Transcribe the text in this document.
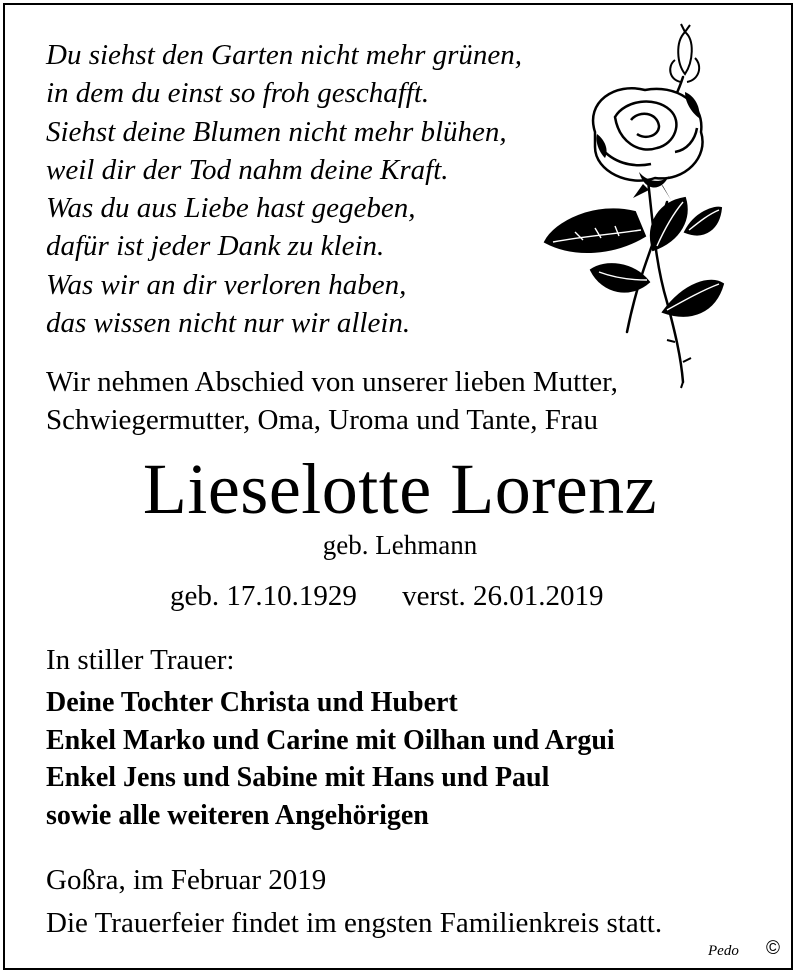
Du siehst den Garten nicht mehr grünen,
in dem du einst so froh geschafft.
Siehst deine Blumen nicht mehr blühen,
weil dir der Tod nahm deine Kraft.
Was du aus Liebe hast gegeben,
dafür ist jeder Dank zu klein.
Was wir an dir verloren haben,
das wissen nicht nur wir allein.
Wir nehmen Abschied von unserer lieben Mutter,
Schwiegermutter, Oma, Uroma und Tante, Frau
Lieselotte Lorenz
geb. Lehmann
geb. 17.10.1929 verst. 26.01.2019
In stiller Trauer:
Deine Tochter Christa und Hubert
Enkel Marko und Carine mit Oilhan und Argui
Enkel Jens und Sabine mit Hans und Paul
sowie alle weiteren Angehörigen
Goßra, im Februar 2019
Die Trauerfeier findet im engsten Familienkreis statt.
Pedo ©
